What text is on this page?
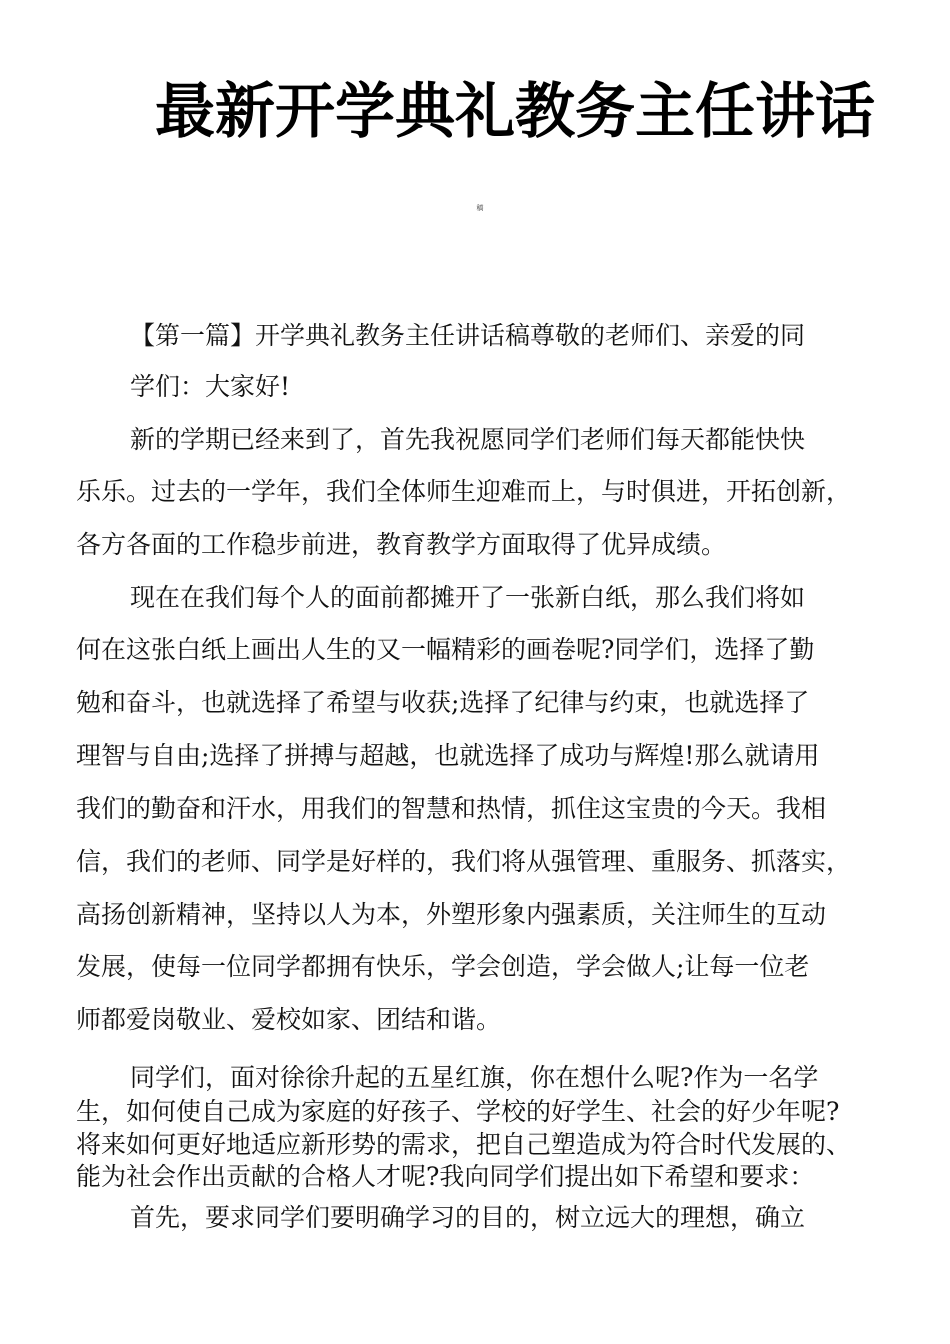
最新开学典礼教务主任讲话
稿
【第一篇】开学典礼教务主任讲话稿尊敬的老师们、亲爱的同
学们：大家好!
新的学期已经来到了，首先我祝愿同学们老师们每天都能快快
乐乐。过去的一学年，我们全体师生迎难而上，与时俱进，开拓创新，
各方各面的工作稳步前进，教育教学方面取得了优异成绩。
现在在我们每个人的面前都摊开了一张新白纸，那么我们将如
何在这张白纸上画出人生的又一幅精彩的画卷呢?同学们，选择了勤
勉和奋斗，也就选择了希望与收获;选择了纪律与约束，也就选择了
理智与自由;选择了拼搏与超越，也就选择了成功与辉煌!那么就请用
我们的勤奋和汗水，用我们的智慧和热情，抓住这宝贵的今天。我相
信，我们的老师、同学是好样的，我们将从强管理、重服务、抓落实，
高扬创新精神，坚持以人为本，外塑形象内强素质，关注师生的互动
发展，使每一位同学都拥有快乐，学会创造，学会做人;让每一位老
师都爱岗敬业、爱校如家、团结和谐。
同学们，面对徐徐升起的五星红旗，你在想什么呢?作为一名学
生，如何使自己成为家庭的好孩子、学校的好学生、社会的好少年呢?
将来如何更好地适应新形势的需求，把自己塑造成为符合时代发展的、
能为社会作出贡献的合格人才呢?我向同学们提出如下希望和要求：
首先，要求同学们要明确学习的目的，树立远大的理想，确立
